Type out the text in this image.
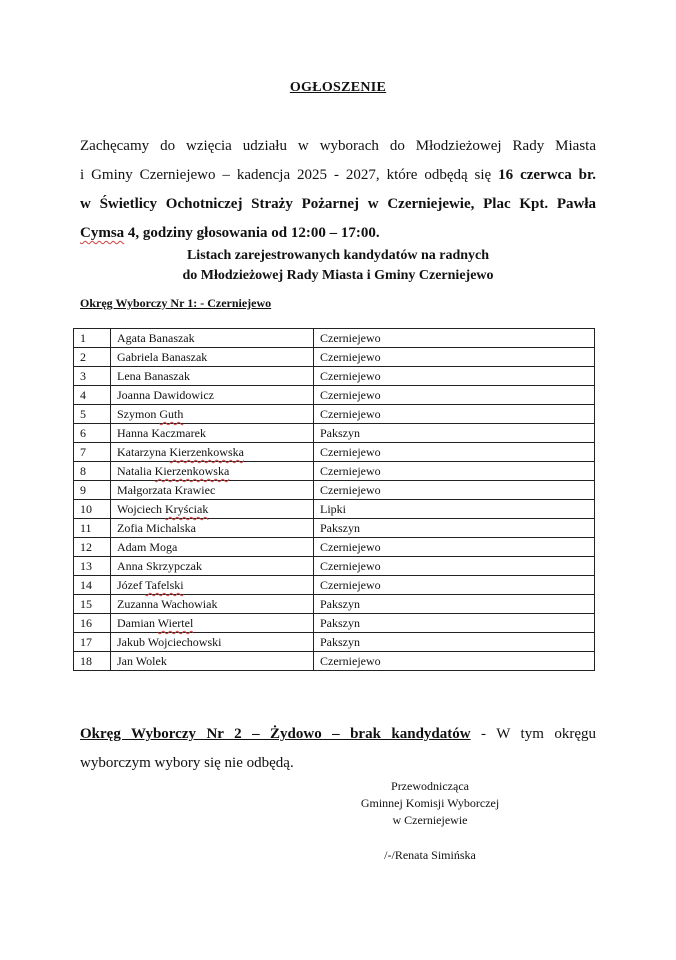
OGŁOSZENIE
Zachęcamy do wzięcia udziału w wyborach do Młodzieżowej Rady Miasta
i Gminy Czerniejewo – kadencja 2025 - 2027, które odbędą się 16 czerwca br.
w Świetlicy Ochotniczej Straży Pożarnej w Czerniejewie, Plac Kpt. Pawła
Cymsa 4, godziny głosowania od 12:00 – 17:00.
Listach zarejestrowanych kandydatów na radnych
do Młodzieżowej Rady Miasta i Gminy Czerniejewo
Okręg Wyborczy Nr 1: - Czerniejewo
1	Agata Banaszak	Czerniejewo
2	Gabriela Banaszak	Czerniejewo
3	Lena Banaszak	Czerniejewo
4	Joanna Dawidowicz	Czerniejewo
5	Szymon Guth	Czerniejewo
6	Hanna Kaczmarek	Pakszyn
7	Katarzyna Kierzenkowska	Czerniejewo
8	Natalia Kierzenkowska	Czerniejewo
9	Małgorzata Krawiec	Czerniejewo
10	Wojciech Kryściak	Lipki
11	Zofia Michalska	Pakszyn
12	Adam Moga	Czerniejewo
13	Anna Skrzypczak	Czerniejewo
14	Józef Tafelski	Czerniejewo
15	Zuzanna Wachowiak	Pakszyn
16	Damian Wiertel	Pakszyn
17	Jakub Wojciechowski	Pakszyn
18	Jan Wolek	Czerniejewo
Okręg Wyborczy Nr 2 – Żydowo – brak kandydatów - W tym okręgu
wyborczym wybory się nie odbędą.
Przewodnicząca
Gminnej Komisji Wyborczej
w Czerniejewie
/-/Renata Simińska
